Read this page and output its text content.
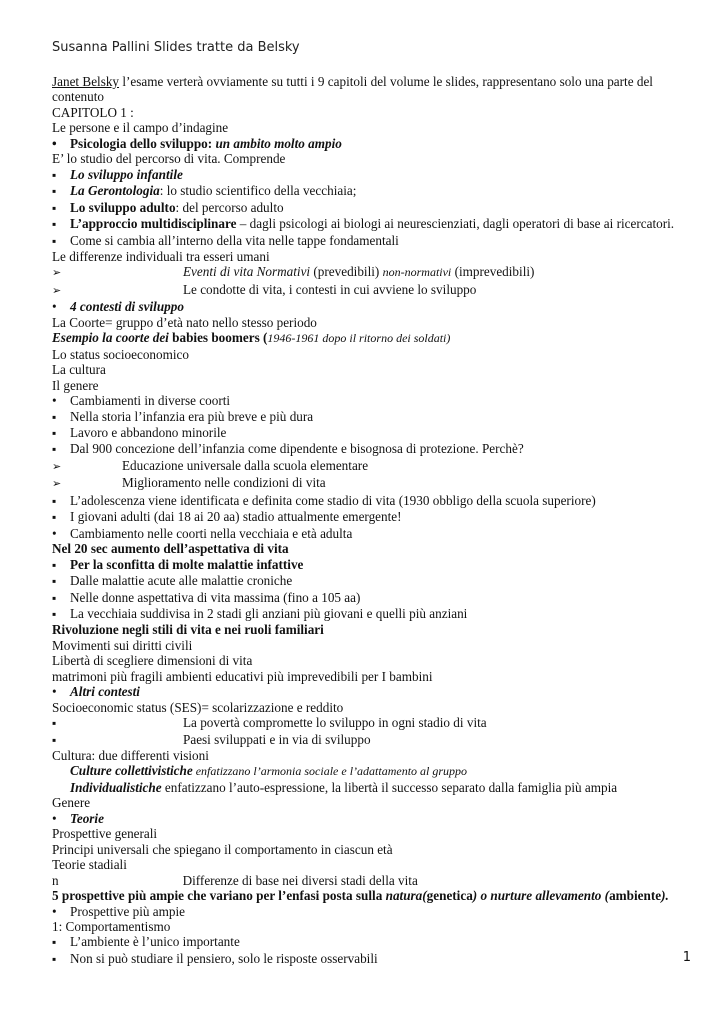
Susanna Pallini Slides tratte da Belsky
Janet Belsky l’esame verterà ovviamente su tutti i 9 capitoli del volume le slides, rappresentano solo una parte del contenuto
CAPITOLO 1 :
Le persone e il campo d’indagine
•Psicologia dello sviluppo: un ambito molto ampio
E’ lo studio del percorso di vita. Comprende
▪Lo sviluppo infantile
▪La Gerontologia: lo studio scientifico della vecchiaia;
▪Lo sviluppo adulto: del percorso adulto
▪L’approccio multidisciplinare – dagli psicologi ai biologi ai neurescienziati, dagli operatori di base ai ricercatori.
▪Come si cambia all’interno della vita nelle tappe fondamentali
Le differenze individuali tra esseri umani
➢Eventi di vita Normativi (prevedibili) non-normativi (imprevedibili)
➢Le condotte di vita, i contesti in cui avviene lo sviluppo
•4 contesti di sviluppo
La Coorte= gruppo d’età nato nello stesso periodo
Esempio la coorte dei babies boomers (1946-1961 dopo il ritorno dei soldati)
Lo status socioeconomico
La cultura
Il genere
•Cambiamenti in diverse coorti
▪Nella storia l’infanzia era più breve e più dura
▪Lavoro e abbandono minorile
▪Dal 900 concezione dell’infanzia come dipendente e bisognosa di protezione. Perchè?
➢Educazione universale dalla scuola elementare
➢Miglioramento nelle condizioni di vita
▪L’adolescenza viene identificata e definita come stadio di vita (1930 obbligo della scuola superiore)
▪I giovani adulti (dai 18 ai 20 aa) stadio attualmente emergente!
•Cambiamento nelle coorti nella vecchiaia e età adulta
Nel 20 sec aumento dell’aspettativa di vita
▪Per la sconfitta di molte malattie infattive
▪Dalle malattie acute alle malattie croniche
▪Nelle donne aspettativa di vita massima (fino a 105 aa)
▪La vecchiaia suddivisa in 2 stadi gli anziani più giovani e quelli più anziani
Rivoluzione negli stili di vita e nei ruoli familiari
Movimenti sui diritti civili
Libertà di scegliere dimensioni di vita
matrimoni più fragili ambienti educativi più imprevedibili per I bambini
•Altri contesti
Socioeconomic status (SES)= scolarizzazione e reddito
▪La povertà compromette lo sviluppo in ogni stadio di vita
▪Paesi sviluppati e in via di sviluppo
Cultura: due differenti visioni
Culture collettivistiche enfatizzano l’armonia sociale e l’adattamento al gruppo
Individualistiche enfatizzano l’auto-espressione, la libertà il successo separato dalla famiglia più ampia
Genere
•Teorie
Prospettive generali
Principi universali che spiegano il comportamento in ciascun età
Teorie stadiali
n	Differenze di base nei diversi stadi della vita
5 prospettive più ampie che variano per l’enfasi posta sulla natura(genetica) o nurture allevamento (ambiente).
•Prospettive più ampie
1: Comportamentismo
▪L’ambiente è l’unico importante
▪Non si può studiare il pensiero, solo le risposte osservabili	1
